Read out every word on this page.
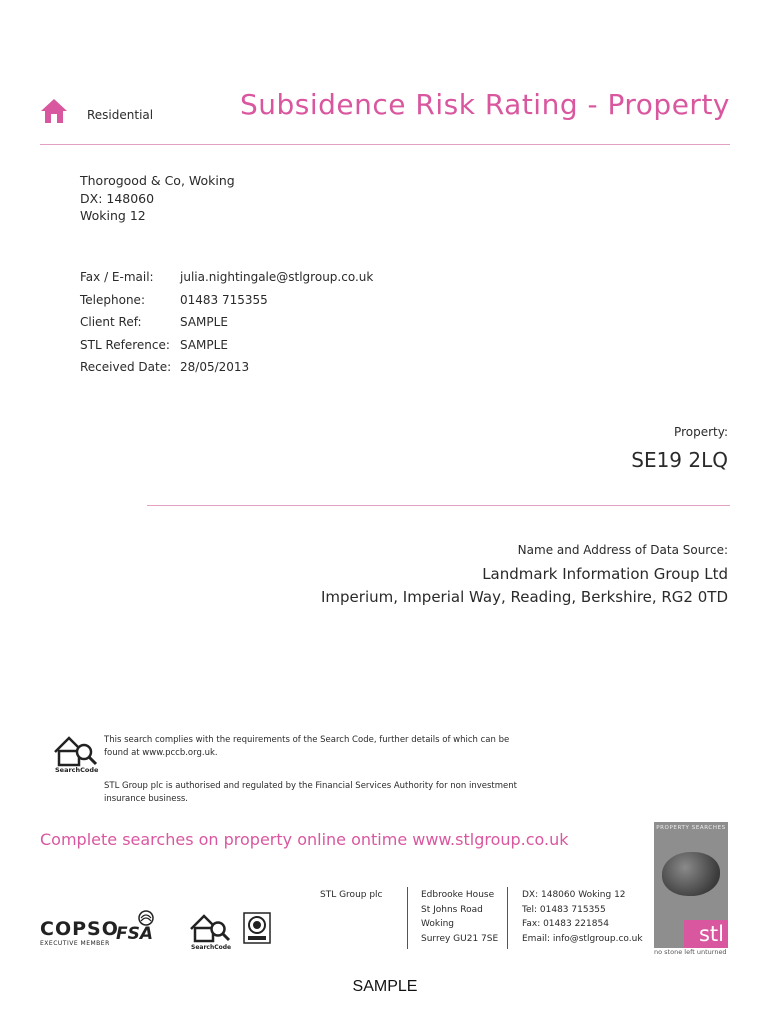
Residential	Subsidence Risk Rating - Property
Thorogood & Co, Woking
DX: 148060
Woking 12
Fax / E-mail: julia.nightingale@stlgroup.co.uk
Telephone:	01483 715355
Client Ref:	SAMPLE
STL Reference: SAMPLE
Received Date: 28/05/2013
Property:
SE19 2LQ
Name and Address of Data Source:
Landmark Information Group Ltd
Imperium, Imperial Way, Reading, Berkshire, RG2 0TD
SearchCode
This search complies with the requirements of the Search Code, further details of which can be found at www.pccb.org.uk.
STL Group plc is authorised and regulated by the Financial Services Authority for non investment insurance business.
Complete searches on property online ontime www.stlgroup.co.uk
PROPERTY SEARCHES
stl
no stone left unturned
STL Group plc	Edbrooke House
St Johns Road
Woking
Surrey GU21 7SE
DX: 148060 Woking 12
Tel: 01483 715355
Fax: 01483 221854
Email: info@stlgroup.co.uk
COPSO
EXECUTIVE MEMBER FSA
SearchCode
SAMPLE
